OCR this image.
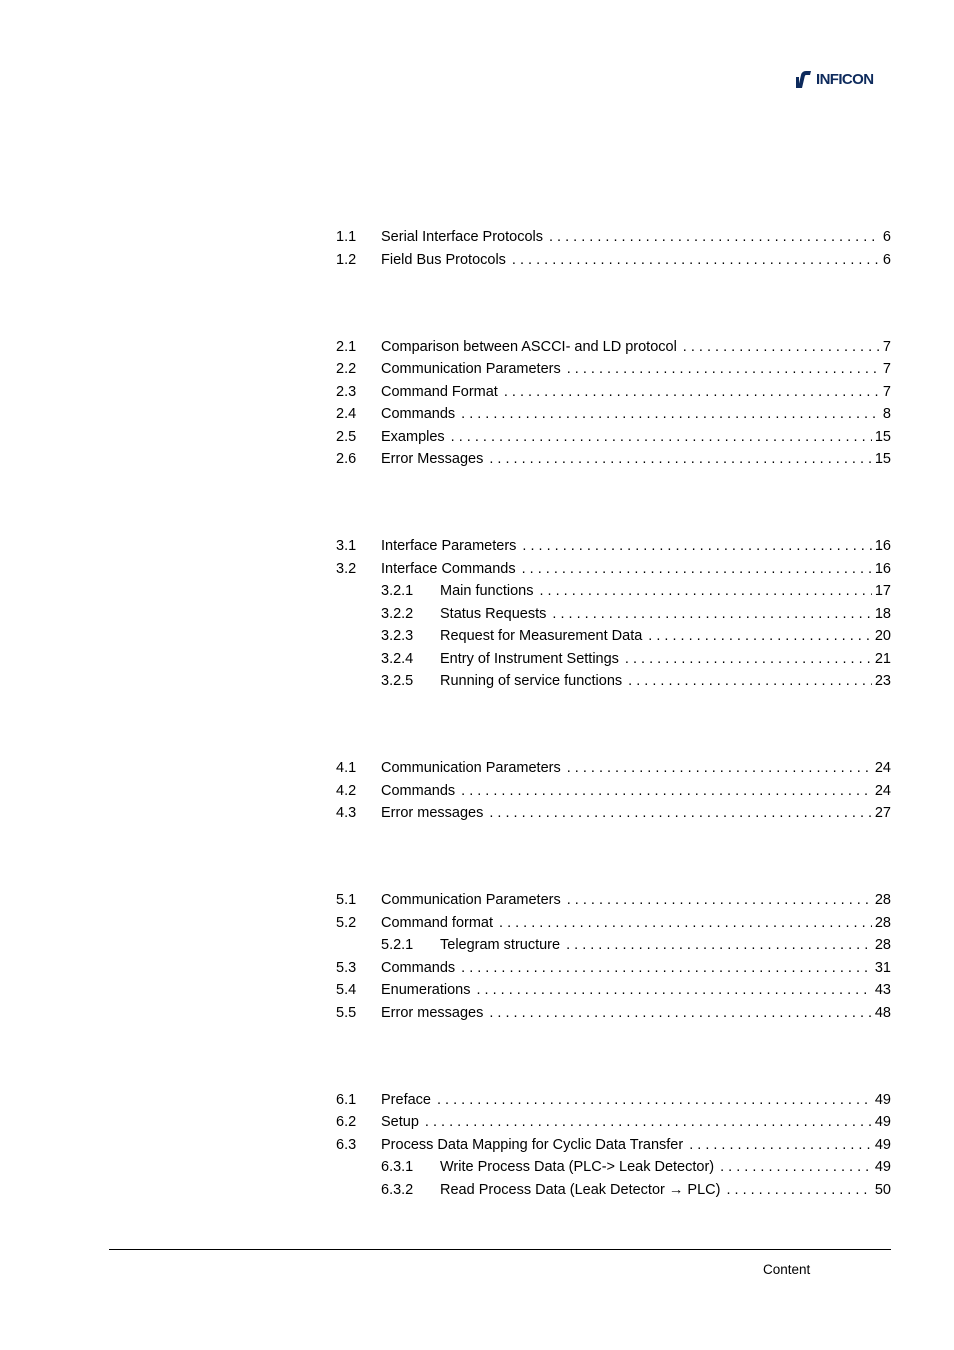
INFICON
1.1 Serial Interface Protocols . . .	6
1.2 Field Bus Protocols . . .	6
2.1 Comparison between ASCCI- and LD protocol . . .	7
2.2 Communication Parameters . . .	7
2.3 Command Format . . .	7
2.4 Commands . . .	8
2.5 Examples . . .	15
2.6 Error Messages . . .	15
3.1 Interface Parameters . . .	16
3.2 Interface Commands . . .	16
3.2.1 Main functions . . .	17
3.2.2 Status Requests . . .	18
3.2.3 Request for Measurement Data . . .	20
3.2.4 Entry of Instrument Settings . . .	21
3.2.5 Running of service functions . . .	23
4.1 Communication Parameters . . .	24
4.2 Commands . . .	24
4.3 Error messages . . .	27
5.1 Communication Parameters . . .	28
5.2 Command format . . .	28
5.2.1 Telegram structure . . .	28
5.3 Commands . . .	31
5.4 Enumerations . . .	43
5.5 Error messages . . .	48
6.1 Preface . . .	49
6.2 Setup . . .	49
6.3 Process Data Mapping for Cyclic Data Transfer . . .	49
6.3.1 Write Process Data (PLC-> Leak Detector) . . .	49
6.3.2 Read Process Data (Leak Detector → PLC) . . .	50
Content
